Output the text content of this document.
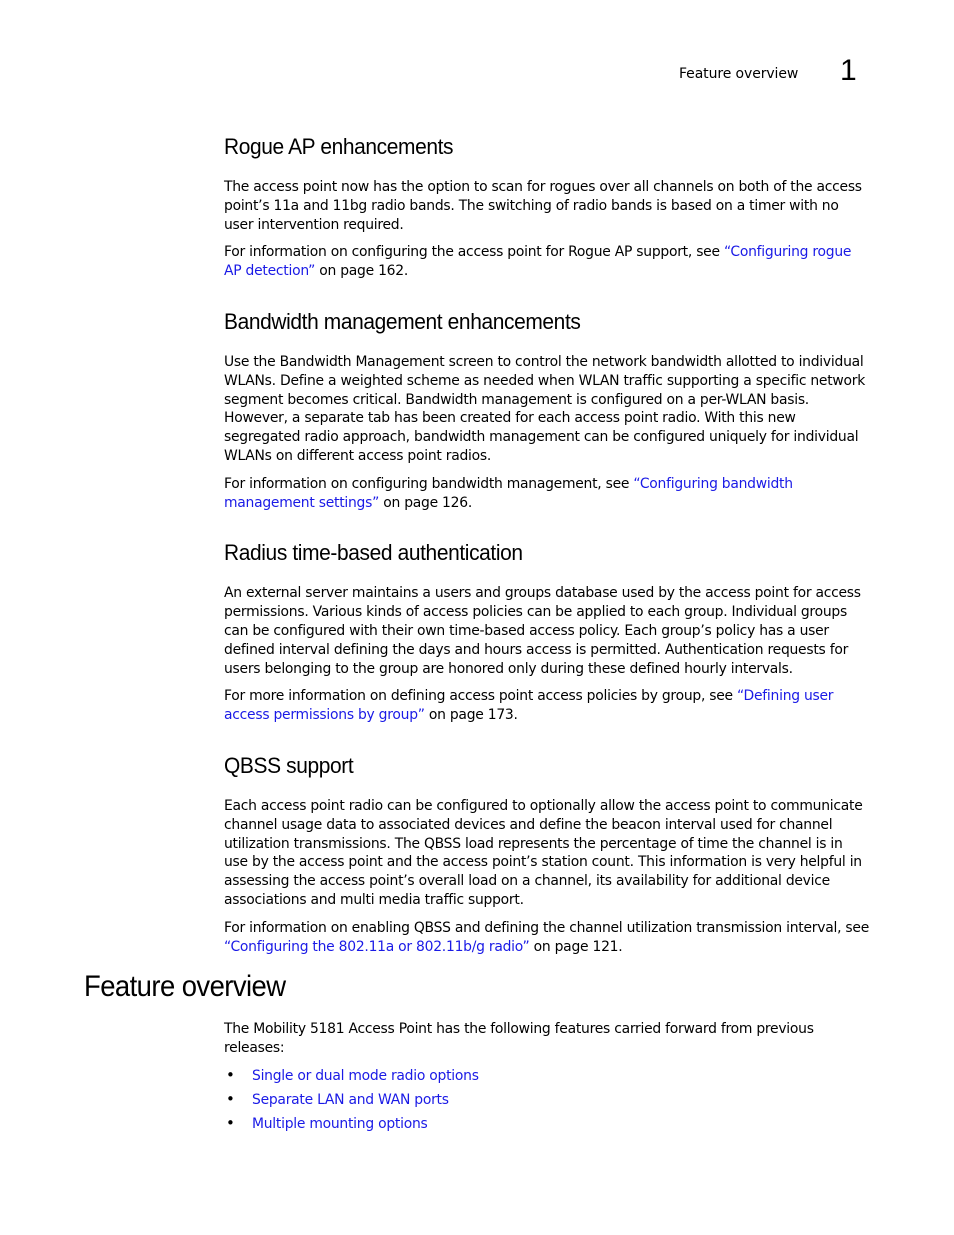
Feature overview 1
Rogue AP enhancements

The access point now has the option to scan for rogues over all channels on both of the access point’s 11a and 11bg radio bands. The switching of radio bands is based on a timer with no user intervention required.

For information on configuring the access point for Rogue AP support, see “Configuring rogue AP detection” on page 162.

Bandwidth management enhancements

Use the Bandwidth Management screen to control the network bandwidth allotted to individual WLANs. Define a weighted scheme as needed when WLAN traffic supporting a specific network segment becomes critical. Bandwidth management is configured on a per-WLAN basis. However, a separate tab has been created for each access point radio. With this new segregated radio approach, bandwidth management can be configured uniquely for individual WLANs on different access point radios.

For information on configuring bandwidth management, see “Configuring bandwidth management settings” on page 126.

Radius time-based authentication

An external server maintains a users and groups database used by the access point for access permissions. Various kinds of access policies can be applied to each group. Individual groups can be configured with their own time-based access policy. Each group’s policy has a user defined interval defining the days and hours access is permitted. Authentication requests for users belonging to the group are honored only during these defined hourly intervals.

For more information on defining access point access policies by group, see “Defining user access permissions by group” on page 173.

QBSS support

Each access point radio can be configured to optionally allow the access point to communicate channel usage data to associated devices and define the beacon interval used for channel utilization transmissions. The QBSS load represents the percentage of time the channel is in use by the access point and the access point’s station count. This information is very helpful in assessing the access point’s overall load on a channel, its availability for additional device associations and multi media traffic support.

For information on enabling QBSS and defining the channel utilization transmission interval, see “Configuring the 802.11a or 802.11b/g radio” on page 121.

Feature overview

The Mobility 5181 Access Point has the following features carried forward from previous releases:

• Single or dual mode radio options
• Separate LAN and WAN ports
• Multiple mounting options
